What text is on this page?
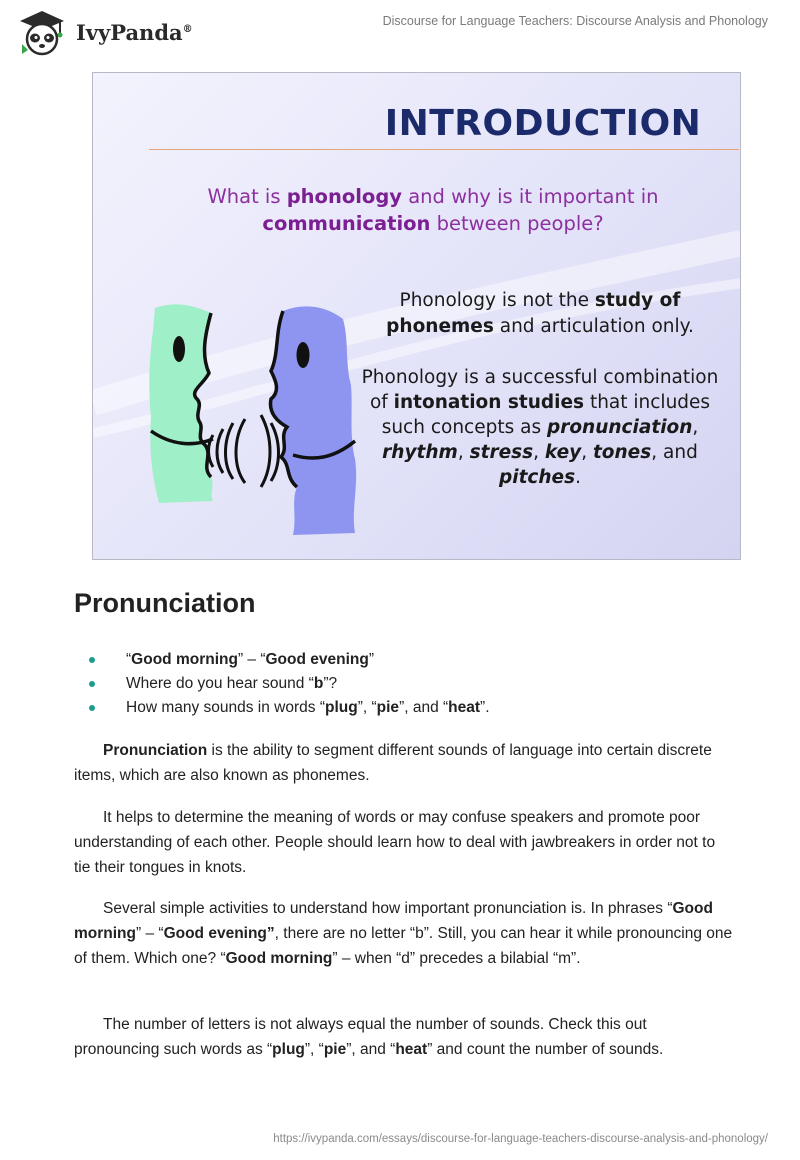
IvyPanda®
Discourse for Language Teachers: Discourse Analysis and Phonology
INTRODUCTION
What is phonology and why is it important in communication between people?
Phonology is not the study of phonemes and articulation only.
Phonology is a successful combination of intonation studies that includes such concepts as pronunciation, rhythm, stress, key, tones, and pitches.
Pronunciation
“Good morning” – “Good evening”
Where do you hear sound “b”?
How many sounds in words “plug”, “pie”, and “heat”.

Pronunciation is the ability to segment different sounds of language into certain discrete items, which are also known as phonemes.

It helps to determine the meaning of words or may confuse speakers and promote poor understanding of each other. People should learn how to deal with jawbreakers in order not to tie their tongues in knots.

Several simple activities to understand how important pronunciation is. In phrases “Good morning” – “Good evening”, there are no letter “b”. Still, you can hear it while pronouncing one of them. Which one? “Good morning” – when “d” precedes a bilabial “m”.

The number of letters is not always equal the number of sounds. Check this out pronouncing such words as “plug”, “pie”, and “heat” and count the number of sounds.

https://ivypanda.com/essays/discourse-for-language-teachers-discourse-analysis-and-phonology/
